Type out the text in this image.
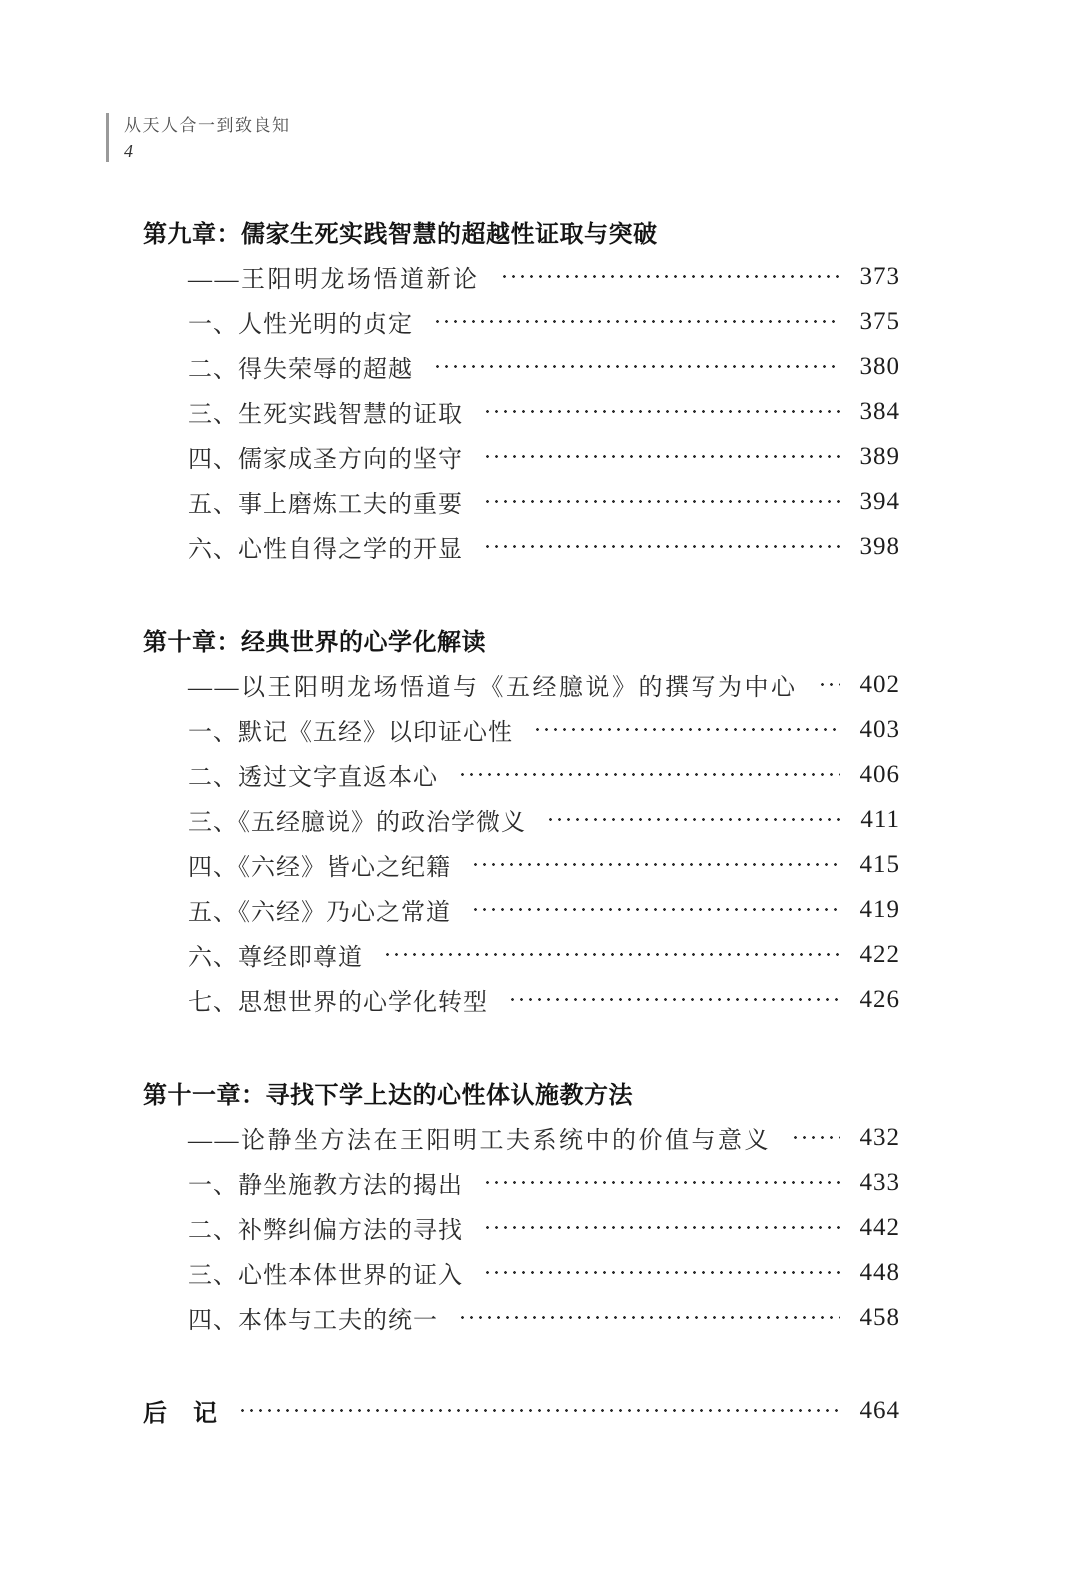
从天人合一到致良知
4
第九章：儒家生死实践智慧的超越性证取与突破
——王阳明龙场悟道新论	373
一、人性光明的贞定	375
二、得失荣辱的超越	380
三、生死实践智慧的证取	384
四、儒家成圣方向的坚守	389
五、事上磨炼工夫的重要	394
六、心性自得之学的开显	398
第十章：经典世界的心学化解读
——以王阳明龙场悟道与《五经臆说》的撰写为中心 402
一、默记《五经》以印证心性	403
二、透过文字直返本心	406
三、《五经臆说》的政治学微义	411
四、《六经》皆心之纪籍	415
五、《六经》乃心之常道	419
六、尊经即尊道	422
七、思想世界的心学化转型	426
第十一章：寻找下学上达的心性体认施教方法
——论静坐方法在王阳明工夫系统中的价值与意义	432
一、静坐施教方法的揭出	433
二、补弊纠偏方法的寻找	442
三、心性本体世界的证入	448
四、本体与工夫的统一	458
后　记	464
